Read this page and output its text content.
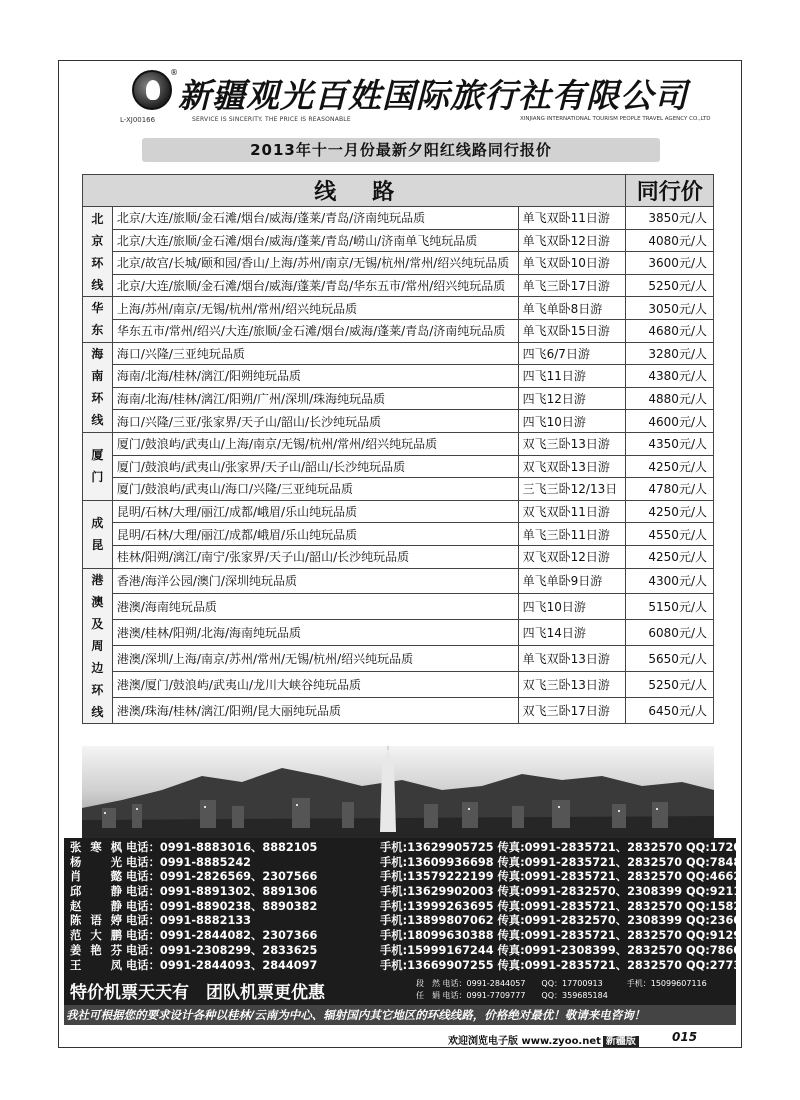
®
新疆观光百姓国际旅行社有限公司
L-XJ00166	SERVICE IS SINCERITY. THE PRICE IS REASONABLE	XINJIANG INTERNATIONAL TOURISM PEOPLE TRAVEL AGENCY CO.,LTD
2013年十一月份最新夕阳红线路同行报价
线路			同行价

北京环线	北京/大连/旅顺/金石滩/烟台/威海/蓬莱/青岛/济南纯玩品质	单飞双卧11日游	3850元/人
	北京/大连/旅顺/金石滩/烟台/威海/蓬莱/青岛/崂山/济南单飞纯玩品质	单飞双卧12日游	4080元/人
	北京/故宫/长城/颐和园/香山/上海/苏州/南京/无锡/杭州/常州/绍兴纯玩品质	单飞双卧10日游	3600元/人
	北京/大连/旅顺/金石滩/烟台/威海/蓬莱/青岛/华东五市/常州/绍兴纯玩品质	单飞三卧17日游	5250元/人

华东	上海/苏州/南京/无锡/杭州/常州/绍兴纯玩品质	单飞单卧8日游	3050元/人
	华东五市/常州/绍兴/大连/旅顺/金石滩/烟台/威海/蓬莱/青岛/济南纯玩品质	单飞双卧15日游	4680元/人

海南环线	海口/兴隆/三亚纯玩品质	四飞6/7日游	3280元/人
	海南/北海/桂林/漓江/阳朔纯玩品质	四飞11日游	4380元/人
	海南/北海/桂林/漓江/阳朔/广州/深圳/珠海纯玩品质	四飞12日游	4880元/人
	海口/兴隆/三亚/张家界/天子山/韶山/长沙纯玩品质	四飞10日游	4600元/人

厦门	厦门/鼓浪屿/武夷山/上海/南京/无锡/杭州/常州/绍兴纯玩品质	双飞三卧13日游	4350元/人
	厦门/鼓浪屿/武夷山/张家界/天子山/韶山/长沙纯玩品质	双飞双卧13日游	4250元/人
	厦门/鼓浪屿/武夷山/海口/兴隆/三亚纯玩品质	三飞三卧12/13日	4780元/人

成昆	昆明/石林/大理/丽江/成都/峨眉/乐山纯玩品质	双飞双卧11日游	4250元/人
	昆明/石林/大理/丽江/成都/峨眉/乐山纯玩品质	单飞三卧11日游	4550元/人
	桂林/阳朔/漓江/南宁/张家界/天子山/韶山/长沙纯玩品质	双飞双卧12日游	4250元/人

港澳及周边环线	香港/海洋公园/澳门/深圳纯玩品质	单飞单卧9日游	4300元/人
	港澳/海南纯玩品质	四飞10日游	5150元/人
	港澳/桂林/阳朔/北海/海南纯玩品质	四飞14日游	6080元/人
	港澳/深圳/上海/南京/苏州/常州/无锡/杭州/绍兴纯玩品质	单飞双卧13日游	5650元/人
	港澳/厦门/鼓浪屿/武夷山/龙川大峡谷纯玩品质	双飞三卧13日游	5250元/人
	港澳/珠海/桂林/漓江/阳朔/昆大丽纯玩品质	双飞三卧17日游	6450元/人
张寒枫 电话：0991-8883016、8882105	手机:13629905725 传真:0991-2835721、2832570 QQ:172036486
杨光 电话：0991-8885242	手机:13609936698 传真:0991-2835721、2832570 QQ:784821981
肖懿 电话：0991-2826569、2307566	手机:13579222199 传真:0991-2835721、2832570 QQ:466274471
邱静 电话：0991-8891302、8891306	手机:13629902003 传真:0991-2832570、2308399 QQ:921156645
赵静 电话：0991-8890238、8890382	手机:13999263695 传真:0991-2835721、2832570 QQ:1582552674
陈语婷 电话：0991-8882133	手机:13899807062 传真:0991-2832570、2308399 QQ:2360719266
范大鹏 电话：0991-2844082、2307366	手机:18099630388 传真:0991-2835721、2832570 QQ:912957444
姜艳芬 电话：0991-2308299、2833625	手机:15999167244 传真:0991-2308399、2832570 QQ:786080491
王凤 电话：0991-2844093、2844097	手机:13669907255 传真:0991-2835721、2832570 QQ:277373776
特价机票天天有　团队机票更优惠	段　然 电话：0991-2844057　　QQ：17700913　　　手机：15099607116
任　娟 电话：0991-7709777　　QQ：359685184
我社可根据您的要求设计各种以桂林/云南为中心、辐射国内其它地区的环线线路，价格绝对最优！敬请来电咨询！
欢迎浏览电子版 www.zyoo.net 新疆版	015
